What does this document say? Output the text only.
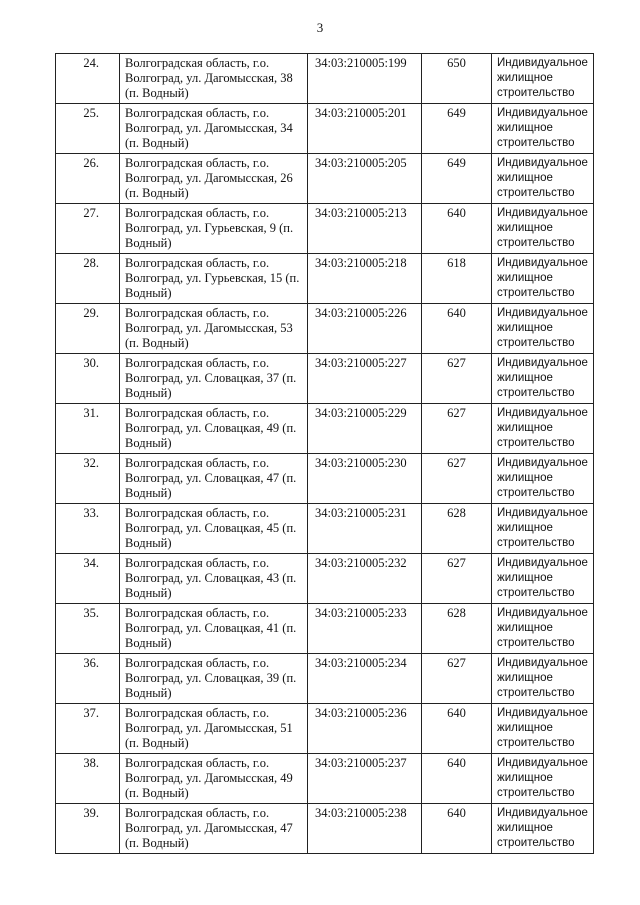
3
24.	Волгоградская область, г.о. Волгоград, ул. Дагомысская, 38 (п. Водный)	34:03:210005:199	650	Индивидуальное жилищное строительство
25.	Волгоградская область, г.о. Волгоград, ул. Дагомысская, 34 (п. Водный)	34:03:210005:201	649	Индивидуальное жилищное строительство
26.	Волгоградская область, г.о. Волгоград, ул. Дагомысская, 26 (п. Водный)	34:03:210005:205	649	Индивидуальное жилищное строительство
27.	Волгоградская область, г.о. Волгоград, ул. Гурьевская, 9 (п. Водный)	34:03:210005:213	640	Индивидуальное жилищное строительство
28.	Волгоградская область, г.о. Волгоград, ул. Гурьевская, 15 (п. Водный)	34:03:210005:218	618	Индивидуальное жилищное строительство
29.	Волгоградская область, г.о. Волгоград, ул. Дагомысская, 53 (п. Водный)	34:03:210005:226	640	Индивидуальное жилищное строительство
30.	Волгоградская область, г.о. Волгоград, ул. Словацкая, 37 (п. Водный)	34:03:210005:227	627	Индивидуальное жилищное строительство
31.	Волгоградская область, г.о. Волгоград, ул. Словацкая, 49 (п. Водный)	34:03:210005:229	627	Индивидуальное жилищное строительство
32.	Волгоградская область, г.о. Волгоград, ул. Словацкая, 47 (п. Водный)	34:03:210005:230	627	Индивидуальное жилищное строительство
33.	Волгоградская область, г.о. Волгоград, ул. Словацкая, 45 (п. Водный)	34:03:210005:231	628	Индивидуальное жилищное строительство
34.	Волгоградская область, г.о. Волгоград, ул. Словацкая, 43 (п. Водный)	34:03:210005:232	627	Индивидуальное жилищное строительство
35.	Волгоградская область, г.о. Волгоград, ул. Словацкая, 41 (п. Водный)	34:03:210005:233	628	Индивидуальное жилищное строительство
36.	Волгоградская область, г.о. Волгоград, ул. Словацкая, 39 (п. Водный)	34:03:210005:234	627	Индивидуальное жилищное строительство
37.	Волгоградская область, г.о. Волгоград, ул. Дагомысская, 51 (п. Водный)	34:03:210005:236	640	Индивидуальное жилищное строительство
38.	Волгоградская область, г.о. Волгоград, ул. Дагомысская, 49 (п. Водный)	34:03:210005:237	640	Индивидуальное жилищное строительство
39.	Волгоградская область, г.о. Волгоград, ул. Дагомысская, 47 (п. Водный)	34:03:210005:238	640	Индивидуальное жилищное строительство
